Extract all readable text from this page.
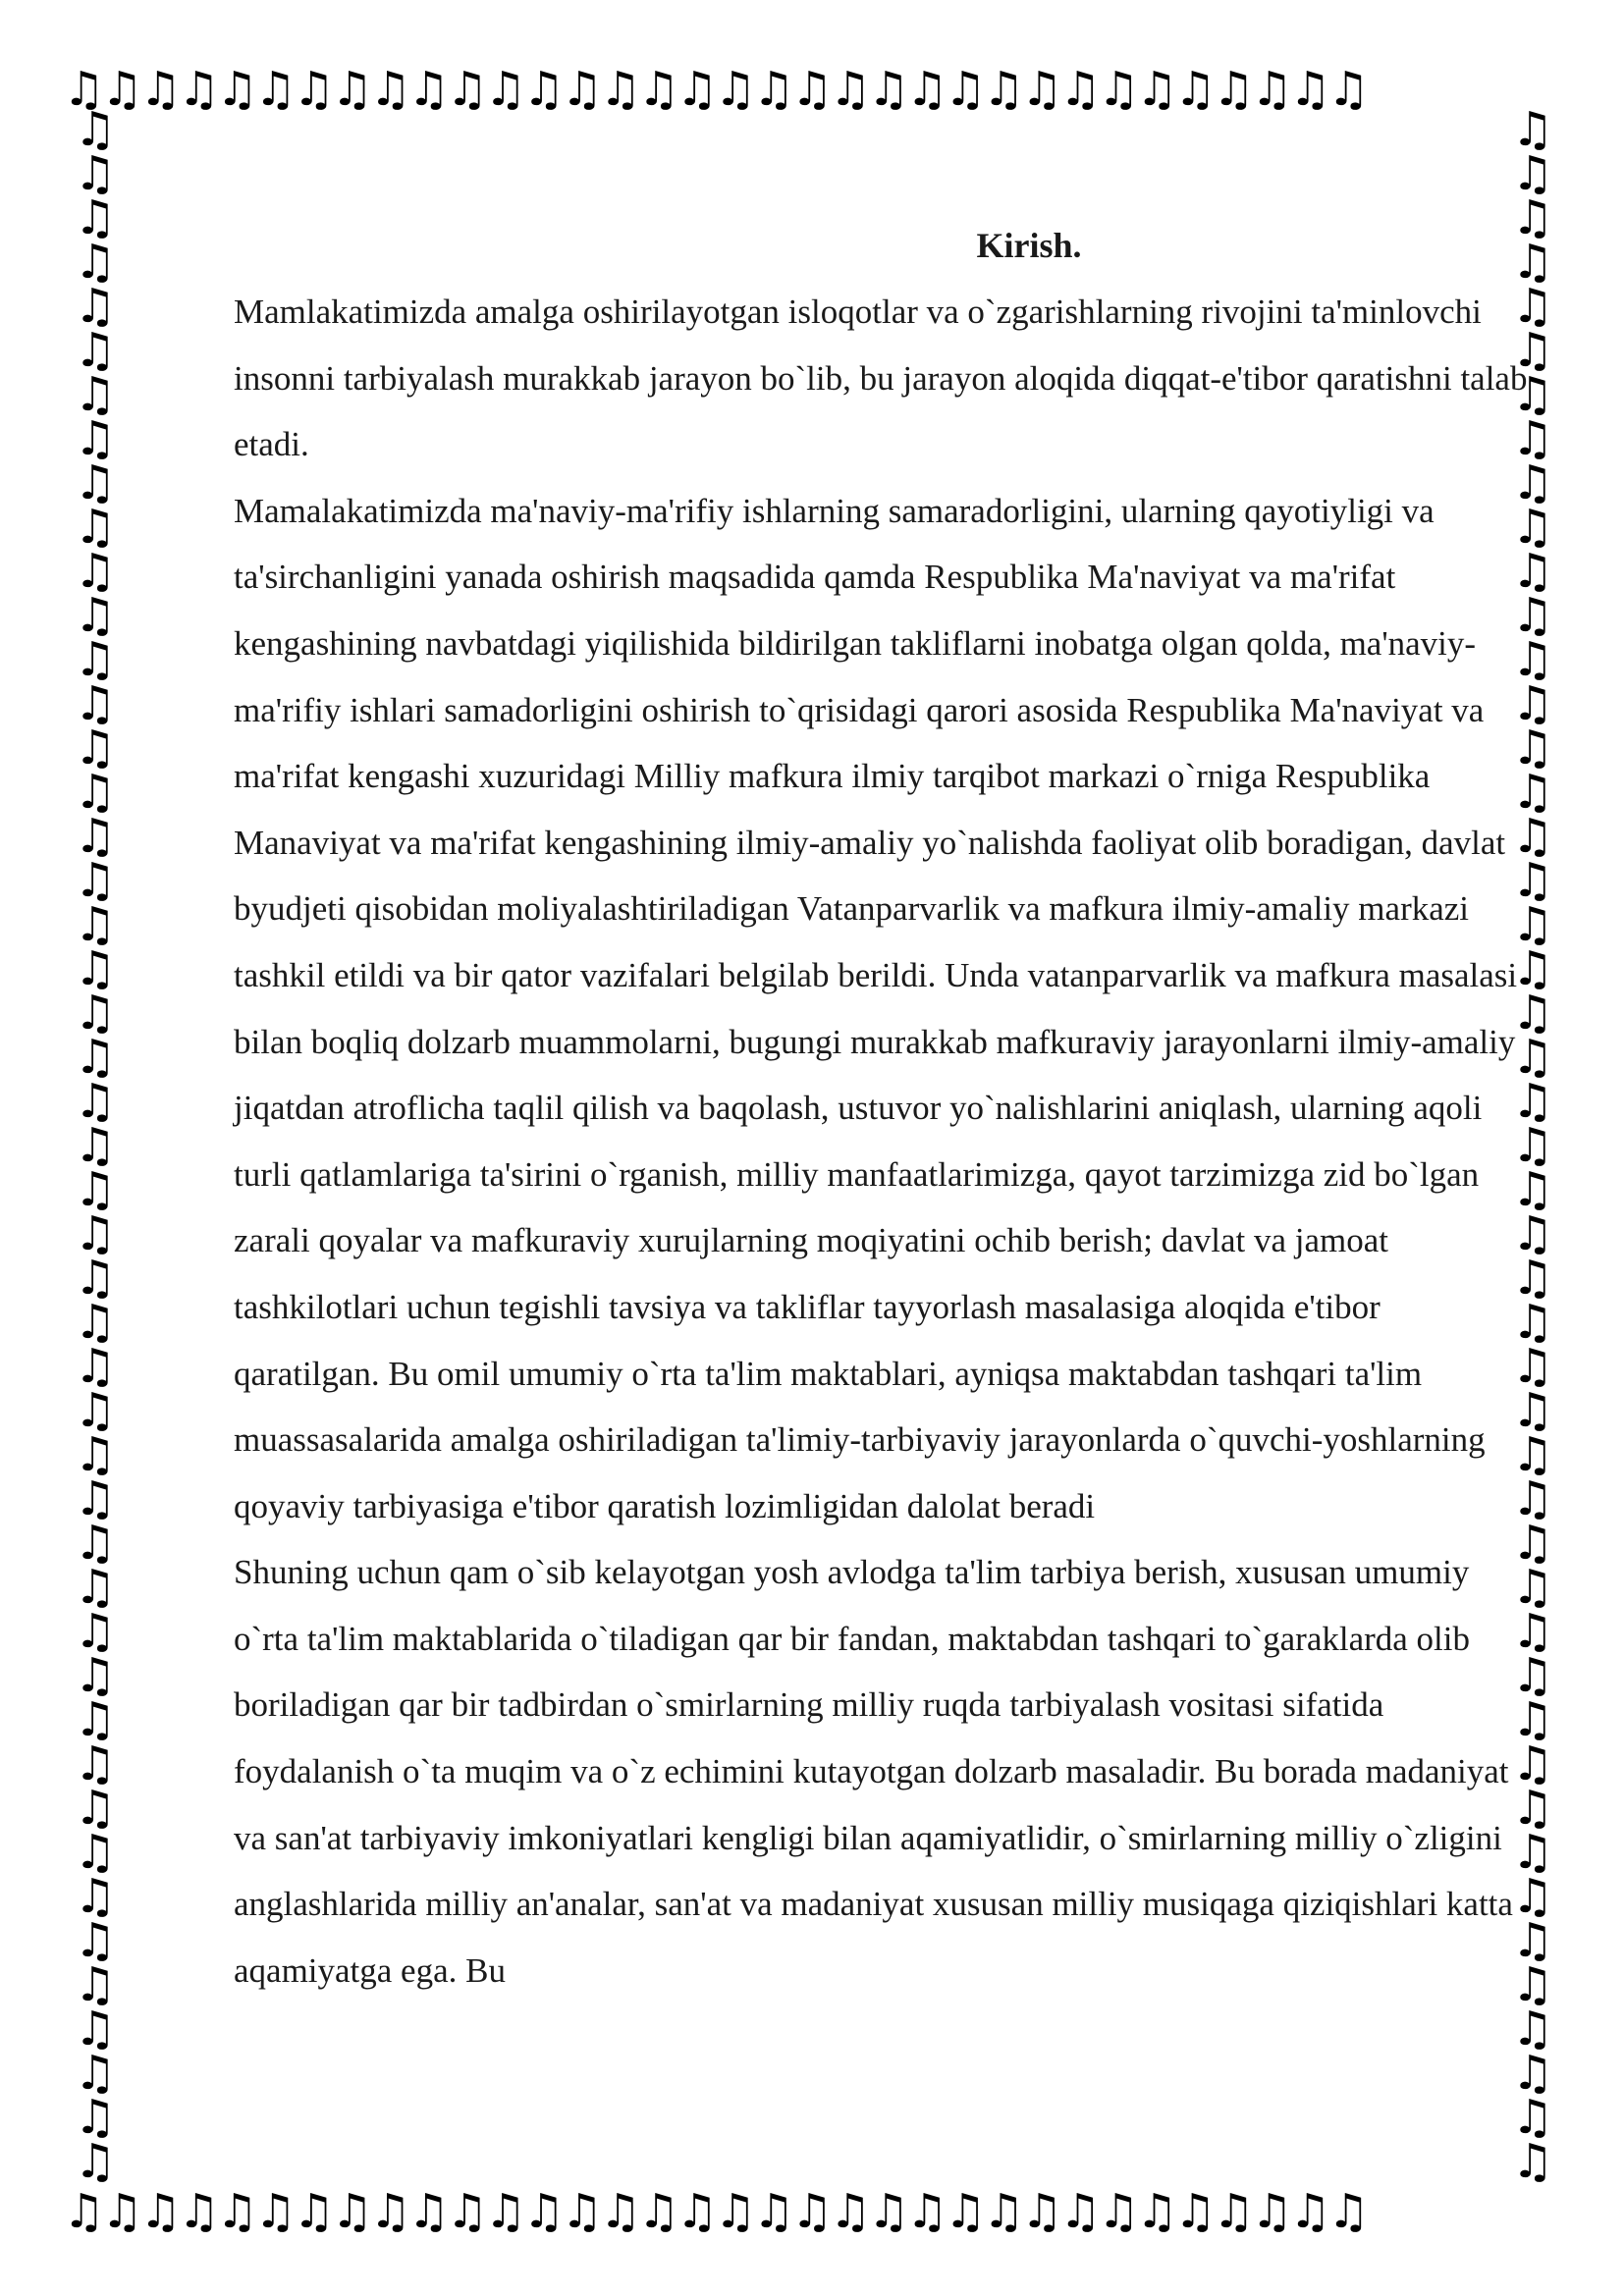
♫♫♫♫♫♫♫♫♫♫♫♫♫♫♫♫♫♫♫♫♫♫♫♫♫♫♫♫♫♫♫♫♫♫
♫♫♫♫♫♫♫♫♫♫♫♫♫♫♫♫♫♫♫♫♫♫♫♫♫♫♫♫♫♫♫♫♫♫
♫♫♫♫♫♫♫♫♫♫♫♫♫♫♫♫♫♫♫♫♫♫♫♫♫♫♫♫♫♫♫♫♫♫♫♫♫♫♫♫♫♫♫♫♫♫♫
♫♫♫♫♫♫♫♫♫♫♫♫♫♫♫♫♫♫♫♫♫♫♫♫♫♫♫♫♫♫♫♫♫♫♫♫♫♫♫♫♫♫♫♫♫♫♫
Kirish.

Mamlakatimizda amalga oshirilayotgan isloqotlar va o`zgarishlarning rivojini ta'minlovchi insonni tarbiyalash murakkab jarayon bo`lib, bu jarayon aloqida diqqat-e'tibor qaratishni talab etadi.

Mamalakatimizda ma'naviy-ma'rifiy ishlarning samaradorligini, ularning qayotiyligi va ta'sirchanligini yanada oshirish maqsadida qamda Respublika Ma'naviyat va ma'rifat kengashining navbatdagi yiqilishida bildirilgan takliflarni inobatga olgan qolda, ma'naviy-ma'rifiy ishlari samadorligini oshirish to`qrisidagi qarori asosida Respublika Ma'naviyat va ma'rifat kengashi xuzuridagi Milliy mafkura ilmiy tarqibot markazi o`rniga Respublika Manaviyat va ma'rifat kengashining ilmiy-amaliy yo`nalishda faoliyat olib boradigan, davlat byudjeti qisobidan moliyalashtiriladigan Vatanparvarlik va mafkura ilmiy-amaliy markazi tashkil etildi va bir qator vazifalari belgilab berildi. Unda vatanparvarlik va mafkura masalasi bilan boqliq dolzarb muammolarni, bugungi murakkab mafkuraviy jarayonlarni ilmiy-amaliy jiqatdan atroflicha taqlil qilish va baqolash, ustuvor yo`nalishlarini aniqlash, ularning aqoli turli qatlamlariga ta'sirini o`rganish, milliy manfaatlarimizga, qayot tarzimizga zid bo`lgan zarali qoyalar va mafkuraviy xurujlarning moqiyatini ochib berish; davlat va jamoat tashkilotlari uchun tegishli tavsiya va takliflar tayyorlash masalasiga aloqida e'tibor qaratilgan. Bu omil umumiy o`rta ta'lim maktablari, ayniqsa maktabdan tashqari ta'lim muassasalarida amalga oshiriladigan ta'limiy-tarbiyaviy jarayonlarda o`quvchi-yoshlarning qoyaviy tarbiyasiga e'tibor qaratish lozimligidan dalolat beradi

Shuning uchun qam o`sib kelayotgan yosh avlodga ta'lim tarbiya berish, xususan umumiy o`rta ta'lim maktablarida o`tiladigan qar bir fandan, maktabdan tashqari to`garaklarda olib boriladigan qar bir tadbirdan o`smirlarning milliy ruqda tarbiyalash vositasi sifatida foydalanish o`ta muqim va o`z echimini kutayotgan dolzarb masaladir. Bu borada madaniyat va san'at tarbiyaviy imkoniyatlari kengligi bilan aqamiyatlidir, o`smirlarning milliy o`zligini anglashlarida milliy an'analar, san'at va madaniyat xususan milliy musiqaga qiziqishlari katta aqamiyatga ega. Bu
